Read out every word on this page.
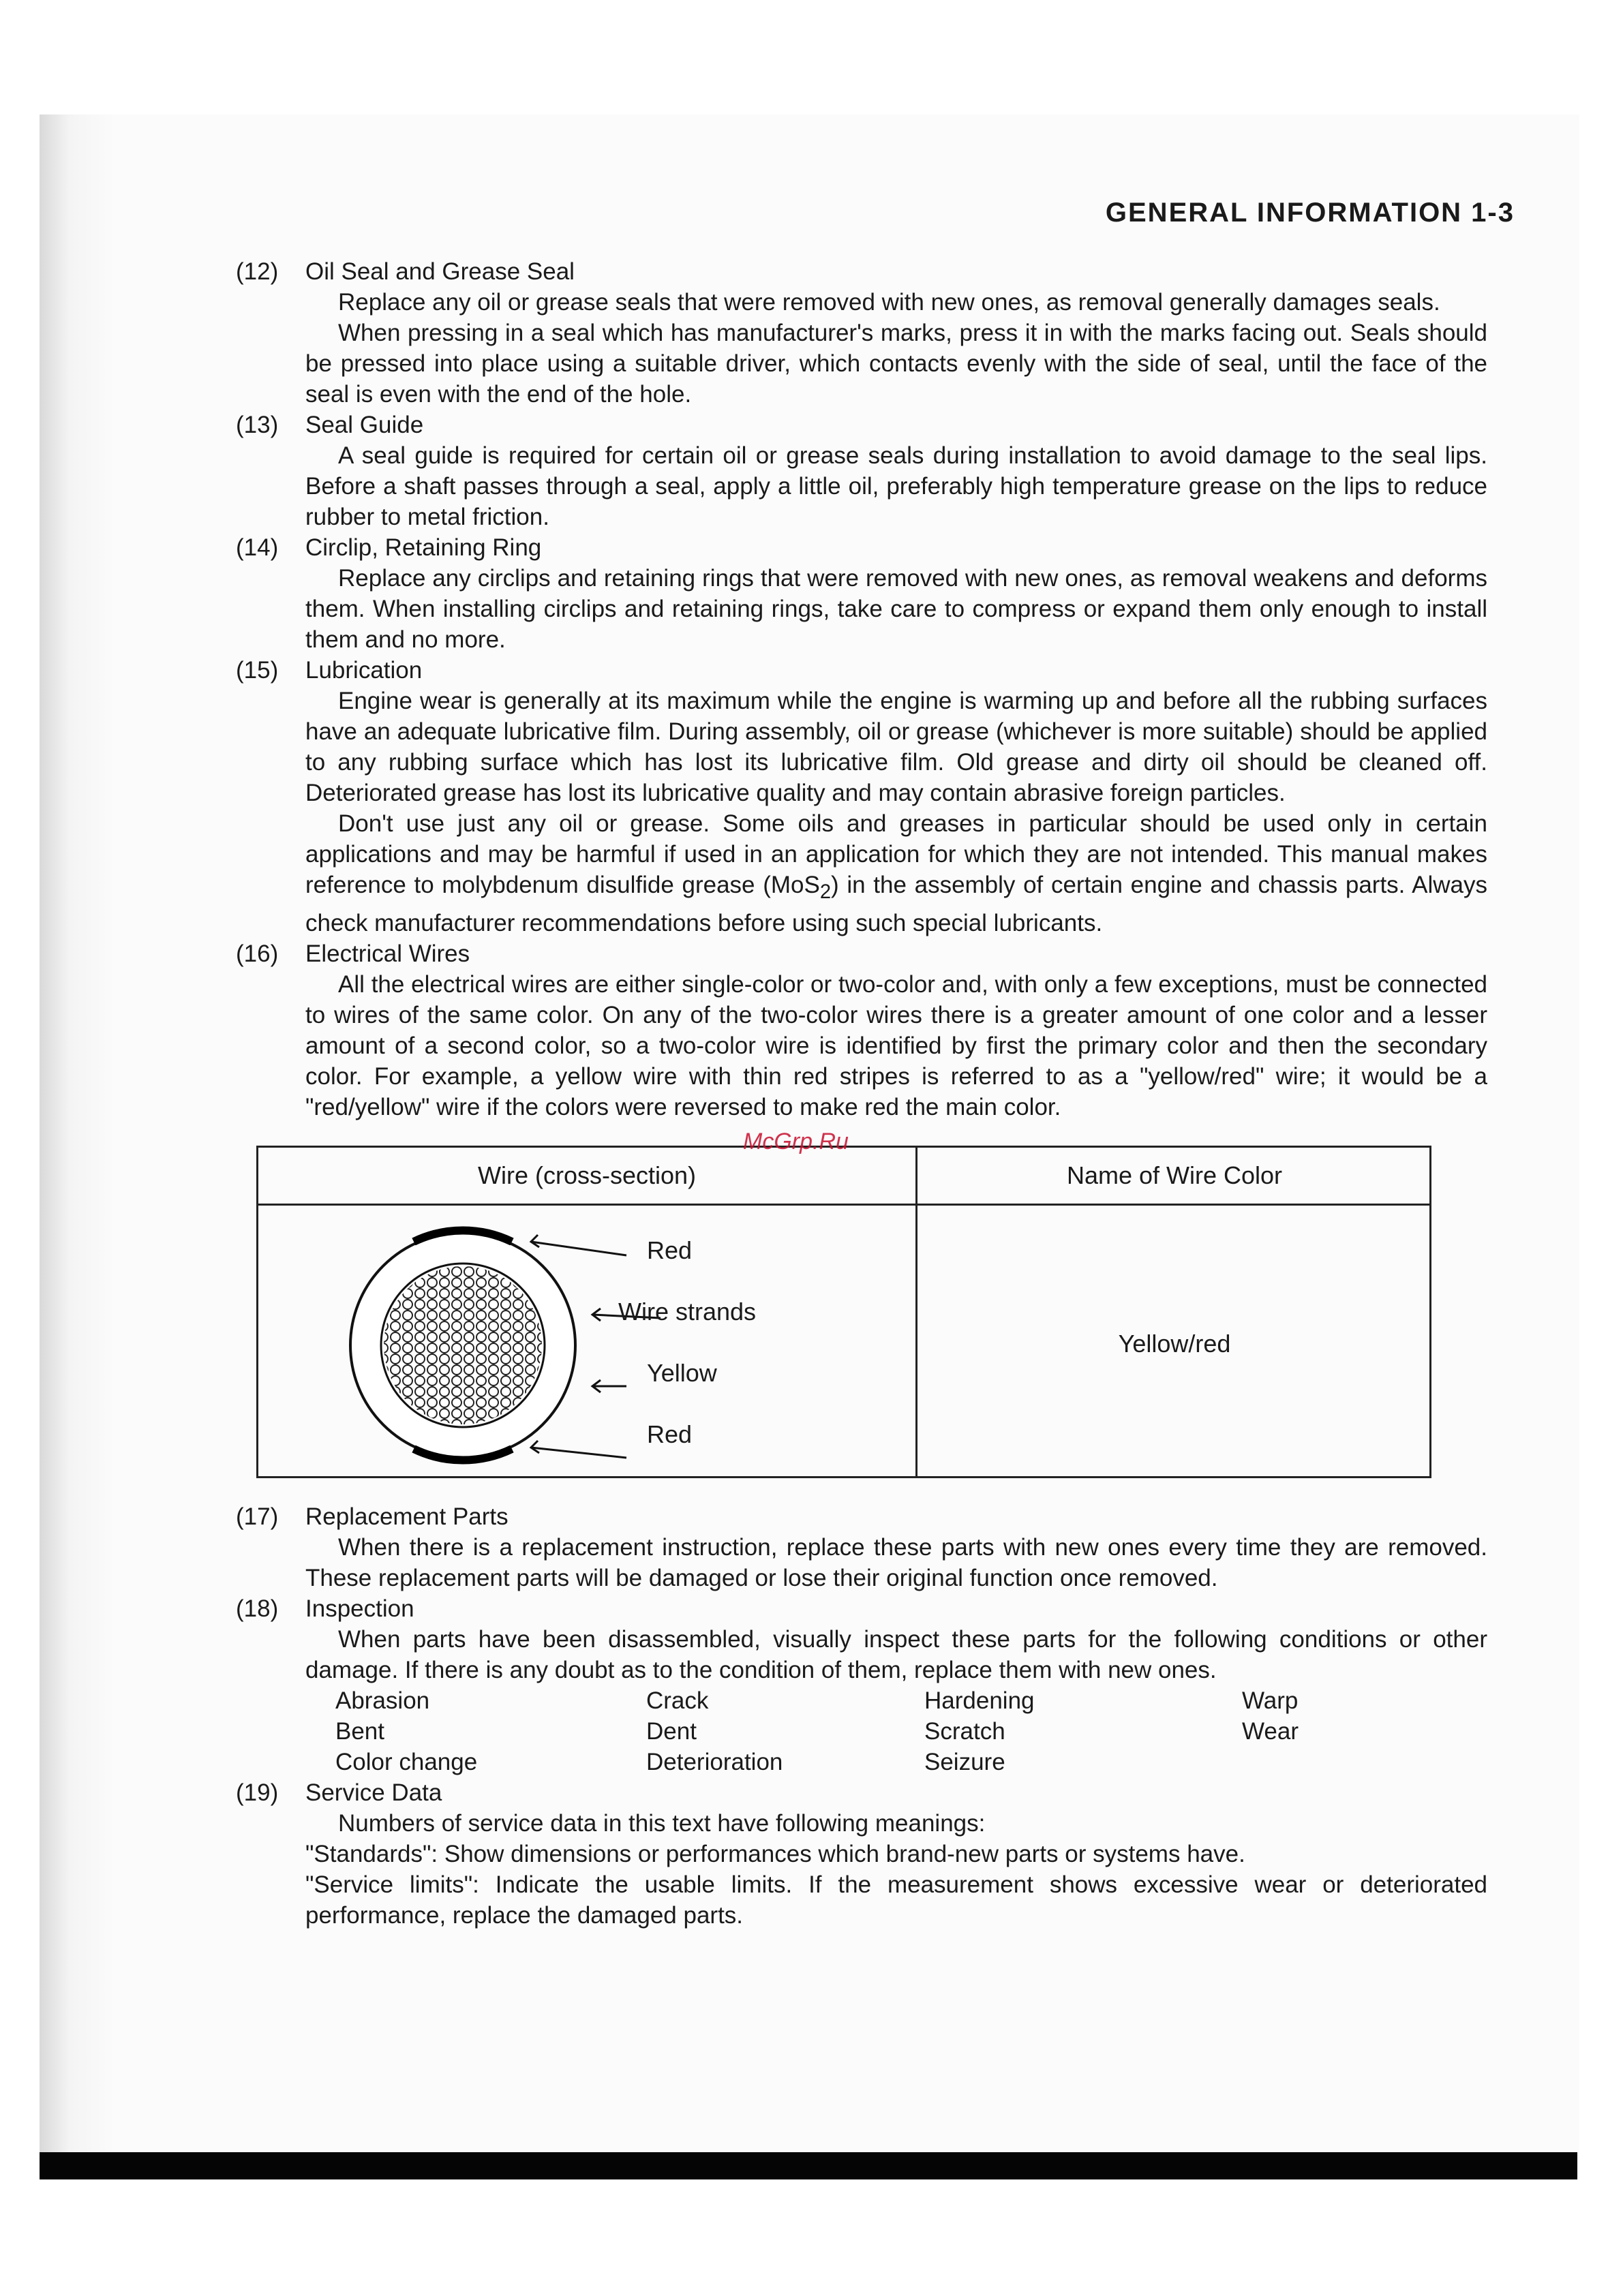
GENERAL INFORMATION 1-3
(12)	Oil Seal and Grease Seal
Replace any oil or grease seals that were removed with new ones, as removal generally damages seals.
When pressing in a seal which has manufacturer's marks, press it in with the marks facing out. Seals should be pressed into place using a suitable driver, which contacts evenly with the side of seal, until the face of the seal is even with the end of the hole.
(13)	Seal Guide
A seal guide is required for certain oil or grease seals during installation to avoid damage to the seal lips. Before a shaft passes through a seal, apply a little oil, preferably high temperature grease on the lips to reduce rubber to metal friction.
(14)	Circlip, Retaining Ring
Replace any circlips and retaining rings that were removed with new ones, as removal weakens and deforms them. When installing circlips and retaining rings, take care to compress or expand them only enough to install them and no more.
(15)	Lubrication
Engine wear is generally at its maximum while the engine is warming up and before all the rubbing surfaces have an adequate lubricative film. During assembly, oil or grease (whichever is more suitable) should be applied to any rubbing surface which has lost its lubricative film. Old grease and dirty oil should be cleaned off. Deteriorated grease has lost its lubricative quality and may contain abrasive foreign particles.
Don't use just any oil or grease. Some oils and greases in particular should be used only in certain applications and may be harmful if used in an application for which they are not intended. This manual makes reference to molybdenum disulfide grease (MoS$_2$) in the assembly of certain engine and chassis parts. Always check manufacturer recommendations before using such special lubricants.
(16)	Electrical Wires
All the electrical wires are either single-color or two-color and, with only a few exceptions, must be connected to wires of the same color. On any of the two-color wires there is a greater amount of one color and a lesser amount of a second color, so a two-color wire is identified by first the primary color and then the secondary color. For example, a yellow wire with thin red stripes is referred to as a "yellow/red" wire; it would be a "red/yellow" wire if the colors were reversed to make red the main color.
Wire (cross-section)	Name of Wire Color
Red
Wire strands
Yellow
Red
Yellow/red
(17)	Replacement Parts
When there is a replacement instruction, replace these parts with new ones every time they are removed. These replacement parts will be damaged or lose their original function once removed.
(18)	Inspection
When parts have been disassembled, visually inspect these parts for the following conditions or other damage. If there is any doubt as to the condition of them, replace them with new ones.
Abrasion	Crack	Hardening	Warp
Bent	Dent	Scratch	Wear
Color change	Deterioration	Seizure
(19)	Service Data
Numbers of service data in this text have following meanings:
"Standards": Show dimensions or performances which brand-new parts or systems have.
"Service limits": Indicate the usable limits. If the measurement shows excessive wear or deteriorated performance, replace the damaged parts.
McGrp.Ru
